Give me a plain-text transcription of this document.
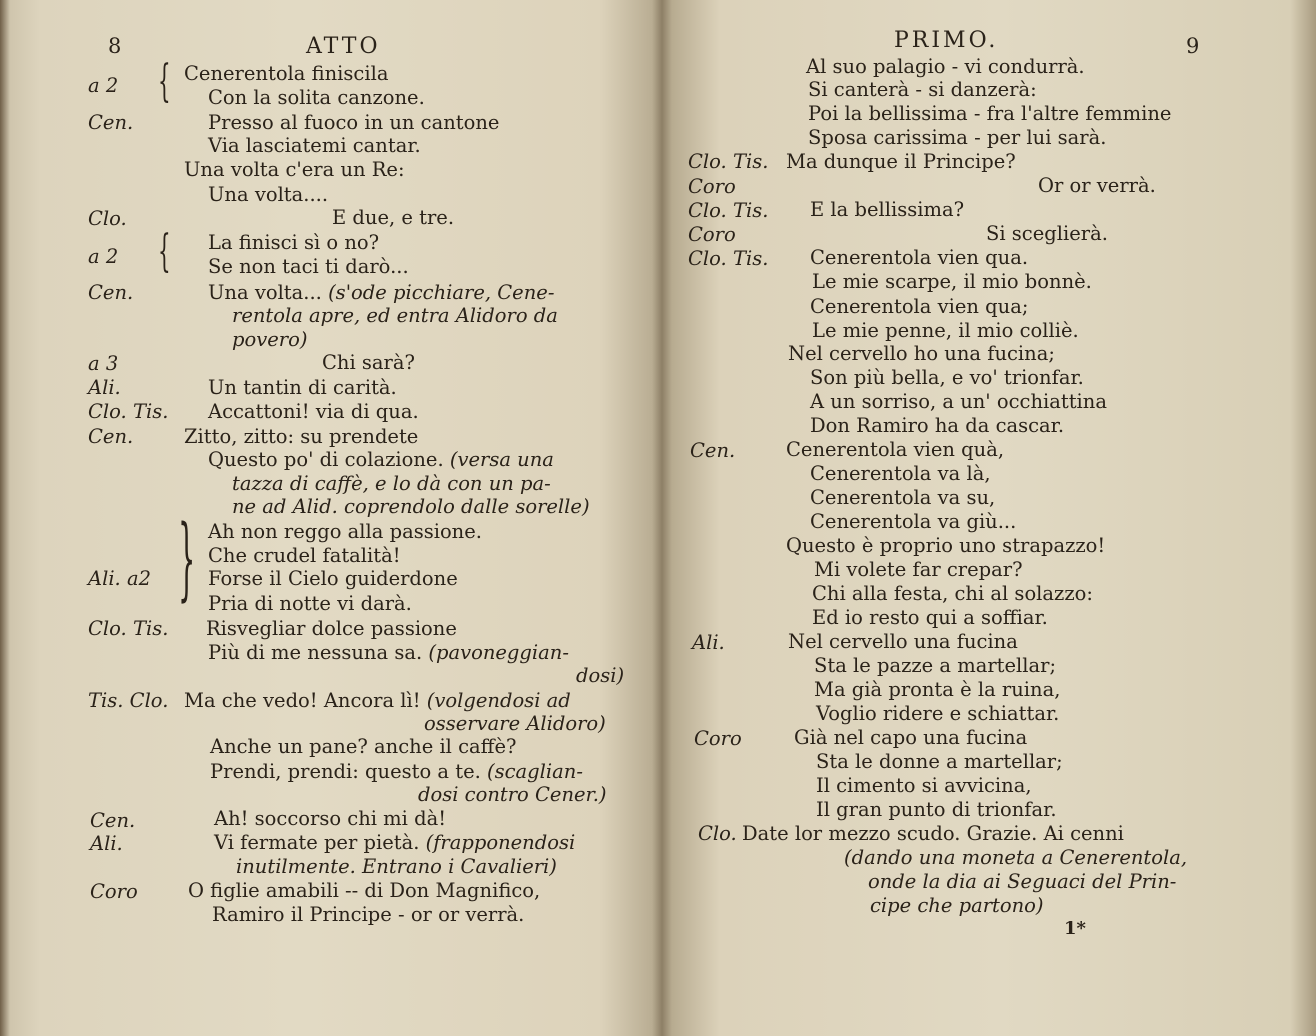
8	ATTO
{
{
{
a 2
Cenerentola finiscila
Con la solita canzone.
Cen.	Presso al fuoco in un cantone
Via lasciatemi cantar.
Una volta c'era un Re:
Una volta....
Clo.	E due, e tre.
a 2
La finisci sì o no?
Se non taci ti darò...
Cen.	Una volta... (s'ode picchiare, Cene-
rentola apre, ed entra Alidoro da
povero)
a 3	Chi sarà?
Ali.	Un tantin di carità.
Clo. Tis. Accattoni! via di qua.
Cen.	Zitto, zitto: su prendete
Questo po' di colazione. (versa una
tazza di caffè, e lo dà con un pa-
ne ad Alid. coprendolo dalle sorelle)
Ah non reggo alla passione.
Che crudel fatalità!
Ali. a2	Forse il Cielo guiderdone
Pria di notte vi darà.
Clo. Tis. Risvegliar dolce passione
Più di me nessuna sa. (pavoneggian-
dosi)
Tis. Clo. Ma che vedo! Ancora lì! (volgendosi ad
osservare Alidoro)
Anche un pane? anche il caffè?
Prendi, prendi: questo a te. (scaglian-
dosi contro Cener.)
Cen.	Ah! soccorso chi mi dà!
Ali.	Vi fermate per pietà. (frapponendosi
inutilmente. Entrano i Cavalieri)
Coro	O figlie amabili -- di Don Magnifico,
Ramiro il Principe - or or verrà.
PRIMO.	9
Al suo palagio - vi condurrà.
Si canterà - si danzerà:
Poi la bellissima - fra l'altre femmine
Sposa carissima - per lui sarà.
Clo. Tis. Ma dunque il Principe?
Coro	Or or verrà.
Clo. Tis. E la bellissima?
Coro	Si sceglierà.
Clo. Tis. Cenerentola vien qua.
Le mie scarpe, il mio bonnè.
Cenerentola vien qua;
Le mie penne, il mio colliè.
Nel cervello ho una fucina;
Son più bella, e vo' trionfar.
A un sorriso, a un' occhiattina
Don Ramiro ha da cascar.
Cen.	Cenerentola vien quà,
Cenerentola va là,
Cenerentola va su,
Cenerentola va giù...
Questo è proprio uno strapazzo!
Mi volete far crepar?
Chi alla festa, chi al solazzo:
Ed io resto qui a soffiar.
Ali.	Nel cervello una fucina
Sta le pazze a martellar;
Ma già pronta è la ruina,
Voglio ridere e schiattar.
Coro	Già nel capo una fucina
Sta le donne a martellar;
Il cimento si avvicina,
Il gran punto di trionfar.
Clo. Date lor mezzo scudo. Grazie. Ai cenni
(dando una moneta a Cenerentola,
onde la dia ai Seguaci del Prin-
cipe che partono)
1*
